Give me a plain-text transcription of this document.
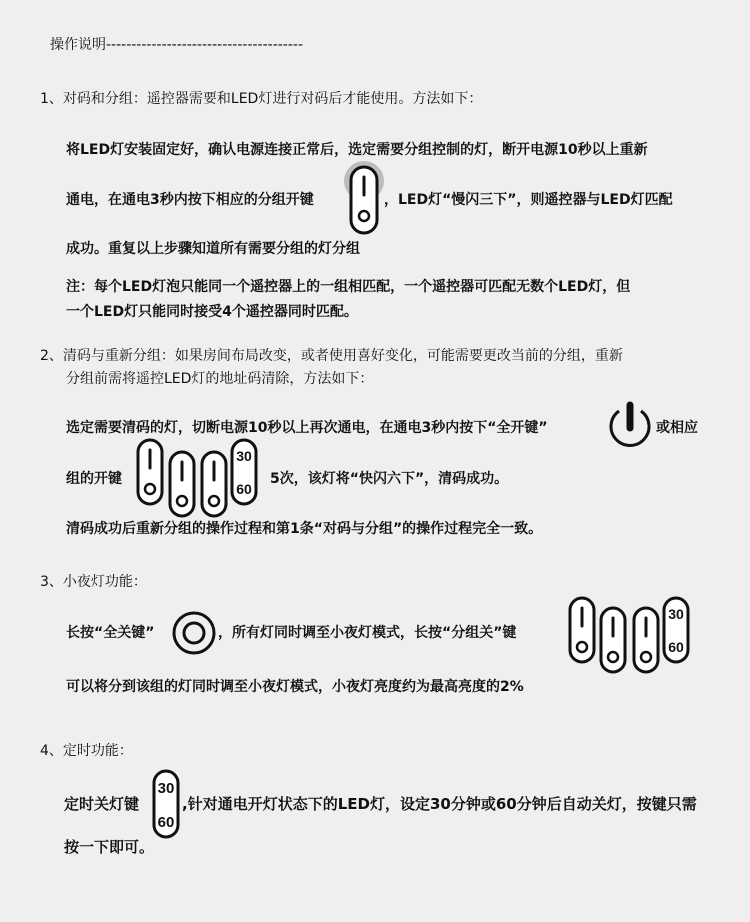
操作说明---------------------------------------
1、对码和分组：遥控器需要和LED灯进行对码后才能使用。方法如下：
将LED灯安装固定好，确认电源连接正常后，选定需要分组控制的灯，断开电源10秒以上重新
通电，在通电3秒内按下相应的分组开键	，LED灯“慢闪三下”，则遥控器与LED灯匹配
成功。重复以上步骤知道所有需要分组的灯分组
注：每个LED灯泡只能同一个遥控器上的一组相匹配，一个遥控器可匹配无数个LED灯，但
一个LED灯只能同时接受4个遥控器同时匹配。
2、清码与重新分组：如果房间布局改变，或者使用喜好变化，可能需要更改当前的分组，重新
分组前需将遥控LED灯的地址码清除，方法如下：
选定需要清码的灯，切断电源10秒以上再次通电，在通电3秒内按下“全开键”	或相应
组的开键
30
60
5次，该灯将“快闪六下”，清码成功。
清码成功后重新分组的操作过程和第1条“对码与分组”的操作过程完全一致。
3、小夜灯功能：
长按“全关键”	，所有灯同时调至小夜灯模式，长按“分组关”键
30
60
可以将分到该组的灯同时调至小夜灯模式，小夜灯亮度约为最高亮度的2%
4、定时功能：
定时关灯键
30
60
,针对通电开灯状态下的LED灯，设定30分钟或60分钟后自动关灯，按键只需
按一下即可。
